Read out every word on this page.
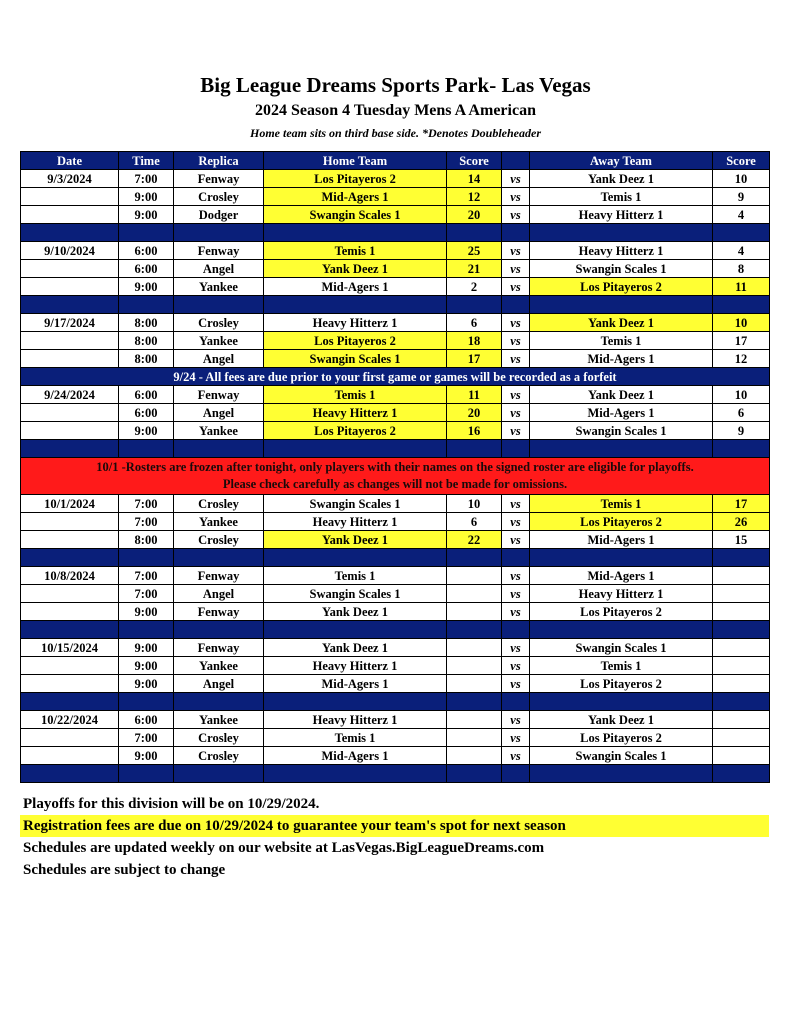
Big League Dreams Sports Park- Las Vegas
2024 Season 4 Tuesday Mens A American
Home team sits on third base side. *Denotes Doubleheader
Date	Time	Replica	Home Team	Score		Away Team	Score
9/3/2024	7:00	Fenway	Los Pitayeros 2	14	vs	Yank Deez 1	10
	9:00	Crosley	Mid-Agers 1	12	vs	Temis 1	9
	9:00	Dodger	Swangin Scales 1	20	vs	Heavy Hitterz 1	4

9/10/2024	6:00	Fenway	Temis 1	25	vs	Heavy Hitterz 1	4
	6:00	Angel	Yank Deez 1	21	vs	Swangin Scales 1	8
	9:00	Yankee	Mid-Agers 1	2	vs	Los Pitayeros 2	11

9/17/2024	8:00	Crosley	Heavy Hitterz 1	6	vs	Yank Deez 1	10
	8:00	Yankee	Los Pitayeros 2	18	vs	Temis 1	17
	8:00	Angel	Swangin Scales 1	17	vs	Mid-Agers 1	12
9/24 - All fees are due prior to your first game or games will be recorded as a forfeit							
9/24/2024	6:00	Fenway	Temis 1	11	vs	Yank Deez 1	10
	6:00	Angel	Heavy Hitterz 1	20	vs	Mid-Agers 1	6
	9:00	Yankee	Los Pitayeros 2	16	vs	Swangin Scales 1	9

10/1 -Rosters are frozen after tonight, only players with their names on the signed roster are eligible for playoffs.
Please check carefully as changes will not be made for omissions.							

10/1/2024	7:00	Crosley	Swangin Scales 1	10	vs	Temis 1	17
	7:00	Yankee	Heavy Hitterz 1	6	vs	Los Pitayeros 2	26
	8:00	Crosley	Yank Deez 1	22	vs	Mid-Agers 1	15

10/8/2024	7:00	Fenway	Temis 1		vs	Mid-Agers 1	
	7:00	Angel	Swangin Scales 1		vs	Heavy Hitterz 1	
	9:00	Fenway	Yank Deez 1		vs	Los Pitayeros 2	

10/15/2024	9:00	Fenway	Yank Deez 1		vs	Swangin Scales 1	
	9:00	Yankee	Heavy Hitterz 1		vs	Temis 1	
	9:00	Angel	Mid-Agers 1		vs	Los Pitayeros 2	

10/22/2024	6:00	Yankee	Heavy Hitterz 1		vs	Yank Deez 1	
	7:00	Crosley	Temis 1		vs	Los Pitayeros 2	
	9:00	Crosley	Mid-Agers 1		vs	Swangin Scales 1	

Playoffs for this division will be on 10/29/2024.
Registration fees are due on 10/29/2024 to guarantee your team's spot for next season
Schedules are updated weekly on our website at LasVegas.BigLeagueDreams.com
Schedules are subject to change
